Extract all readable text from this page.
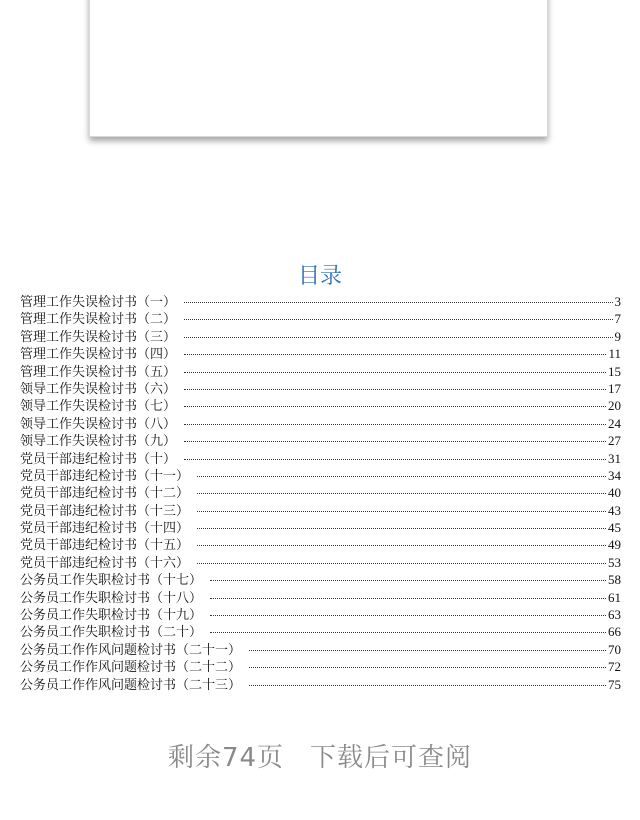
目录
管理工作失误检讨书（一）	3
管理工作失误检讨书（二）	7
管理工作失误检讨书（三）	9
管理工作失误检讨书（四）	11
管理工作失误检讨书（五）	15
领导工作失误检讨书（六）	17
领导工作失误检讨书（七）	20
领导工作失误检讨书（八）	24
领导工作失误检讨书（九）	27
党员干部违纪检讨书（十）	31
党员干部违纪检讨书（十一）	34
党员干部违纪检讨书（十二）	40
党员干部违纪检讨书（十三）	43
党员干部违纪检讨书（十四）	45
党员干部违纪检讨书（十五）	49
党员干部违纪检讨书（十六）	53
公务员工作失职检讨书（十七）	58
公务员工作失职检讨书（十八）	61
公务员工作失职检讨书（十九）	63
公务员工作失职检讨书（二十）	66
公务员工作作风问题检讨书（二十一）	70
公务员工作作风问题检讨书（二十二）	72
公务员工作作风问题检讨书（二十三）	75
剩余74页 下载后可查阅
